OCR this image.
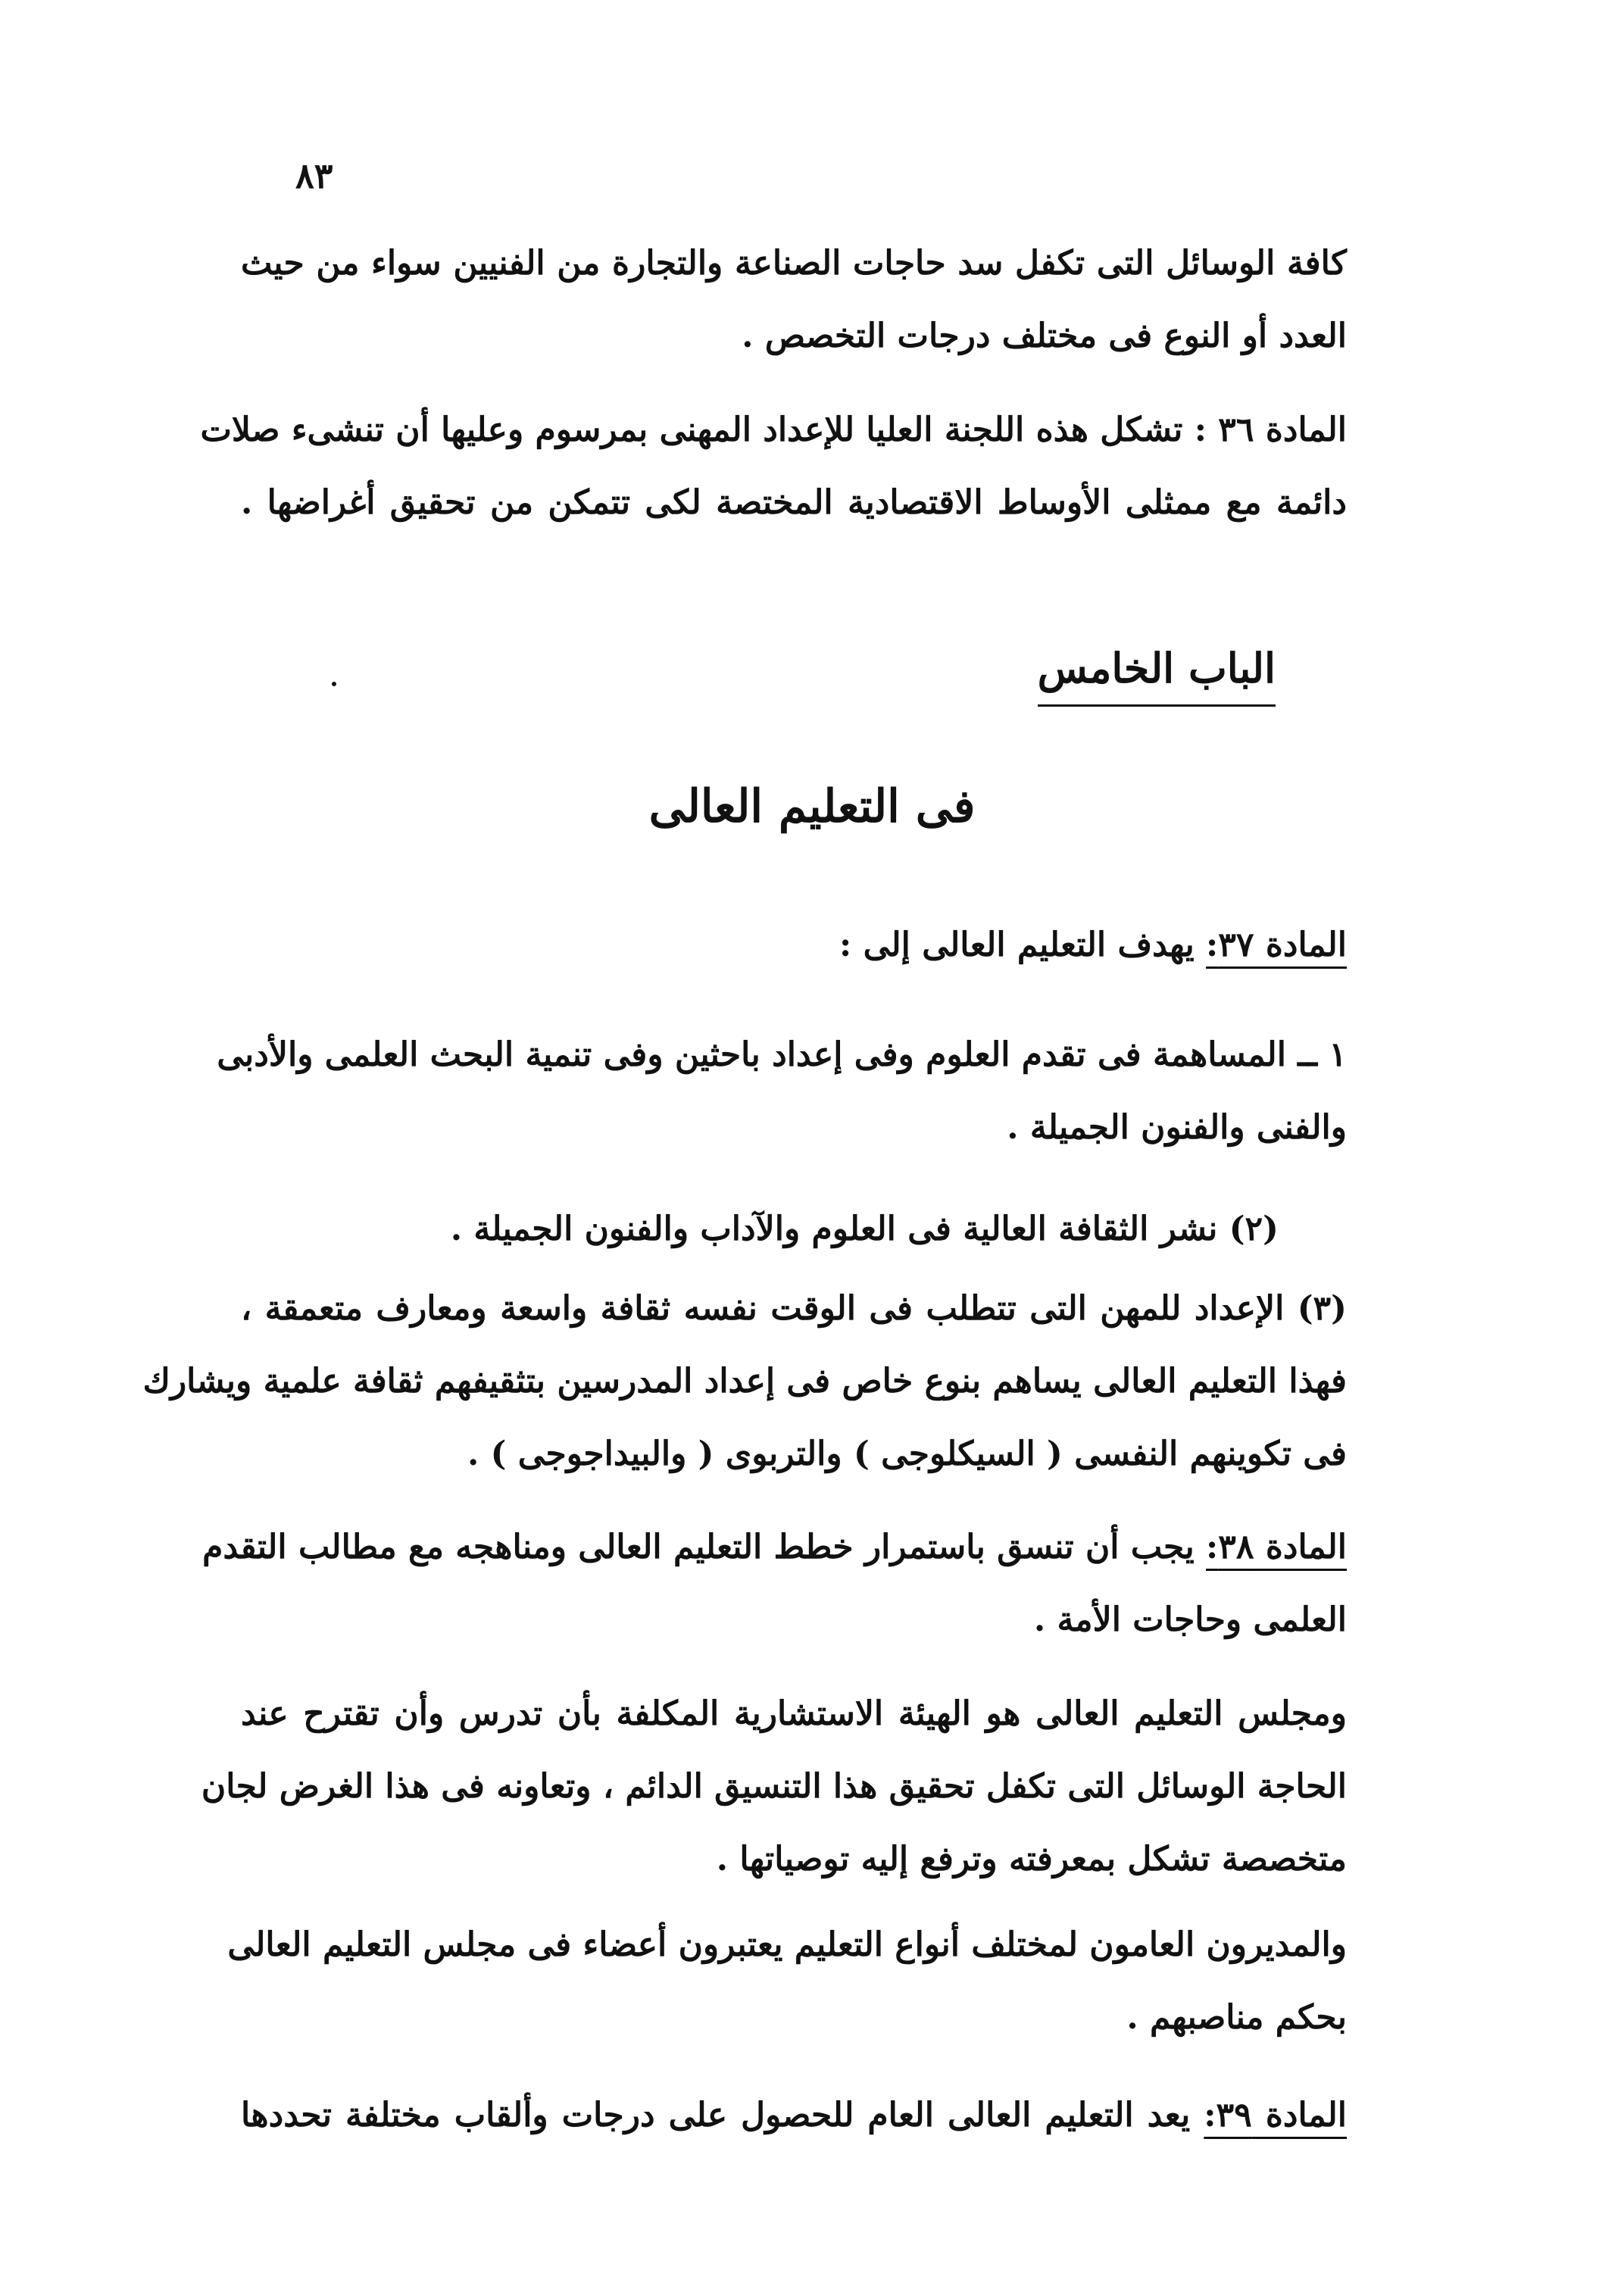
٨٣
كافة الوسائل التى تكفل سد حاجات الصناعة والتجارة من الفنيين سواء من حيث
العدد أو النوع فى مختلف درجات التخصص .
المادة ٣٦ : تشكل هذه اللجنة العليا للإعداد المهنى بمرسوم وعليها أن تنشىء صلات
دائمة مع ممثلى الأوساط الاقتصادية المختصة لكى تتمكن من تحقيق أغراضها .
الباب الخامس
فى التعليم العالى
المادة ٣٧: يهدف التعليم العالى إلى :
١ ــ المساهمة فى تقدم العلوم وفى إعداد باحثين وفى تنمية البحث العلمى والأدبى
والفنى والفنون الجميلة .
(٢) نشر الثقافة العالية فى العلوم والآداب والفنون الجميلة .
(٣) الإعداد للمهن التى تتطلب فى الوقت نفسه ثقافة واسعة ومعارف متعمقة ،
فهذا التعليم العالى يساهم بنوع خاص فى إعداد المدرسين بتثقيفهم ثقافة علمية ويشارك
فى تكوينهم النفسى ( السيكلوجى ) والتربوى ( والبيداجوجى ) .
المادة ٣٨: يجب أن تنسق باستمرار خطط التعليم العالى ومناهجه مع مطالب التقدم
العلمى وحاجات الأمة .
ومجلس التعليم العالى هو الهيئة الاستشارية المكلفة بأن تدرس وأن تقترح عند
الحاجة الوسائل التى تكفل تحقيق هذا التنسيق الدائم ، وتعاونه فى هذا الغرض لجان
متخصصة تشكل بمعرفته وترفع إليه توصياتها .
والمديرون العامون لمختلف أنواع التعليم يعتبرون أعضاء فى مجلس التعليم العالى
بحكم مناصبهم .
المادة ٣٩: يعد التعليم العالى العام للحصول على درجات وألقاب مختلفة تحددها
